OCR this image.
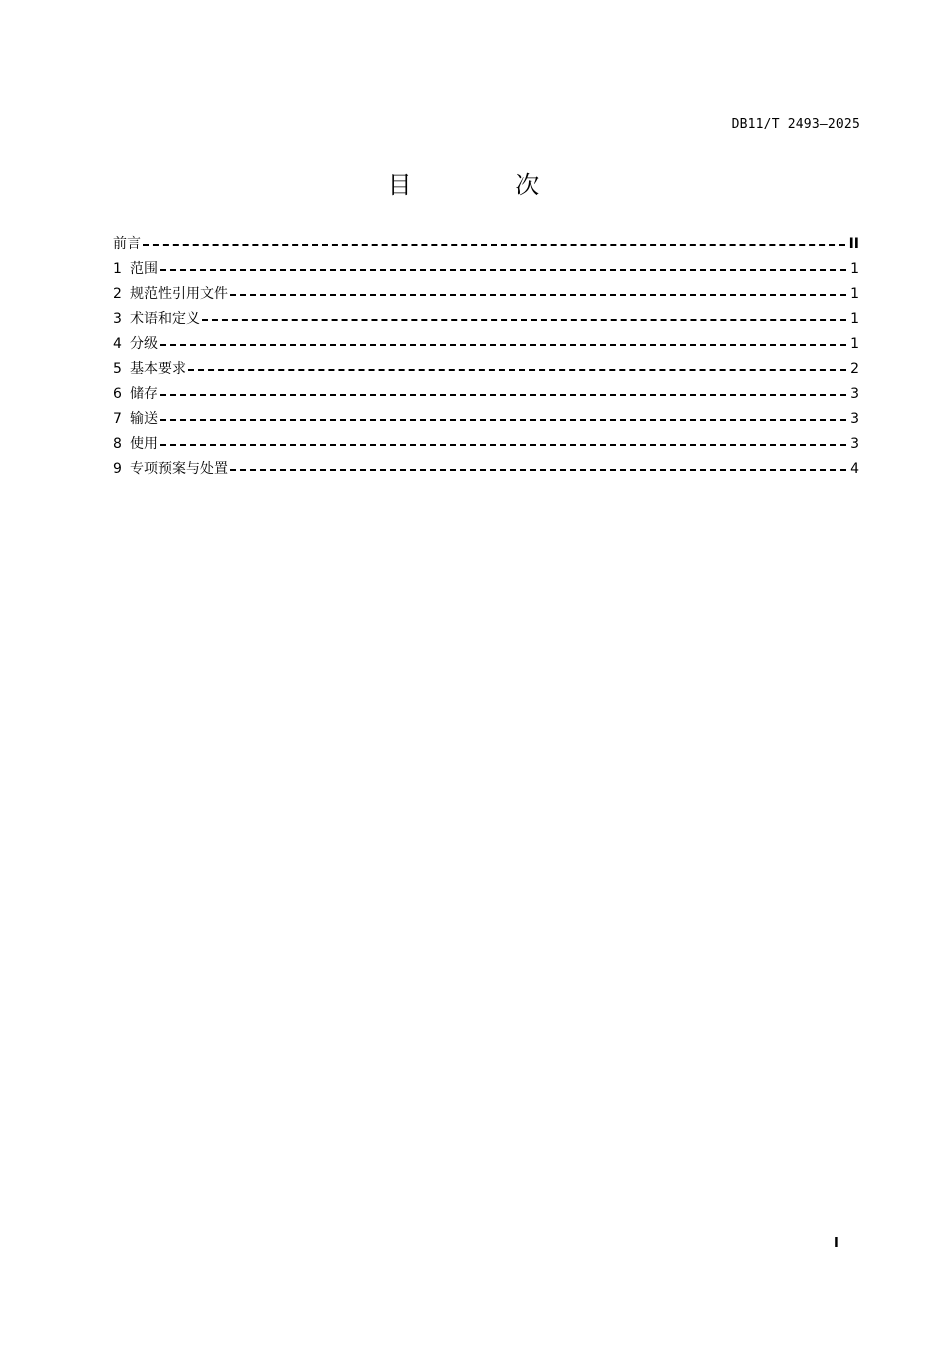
DB11/T 2493—2025
目 次
前言	II
1 范围	1
2 规范性引用文件	1
3 术语和定义	1
4 分级	1
5 基本要求	2
6 储存	3
7 输送	3
8 使用	3
9 专项预案与处置	4
I
